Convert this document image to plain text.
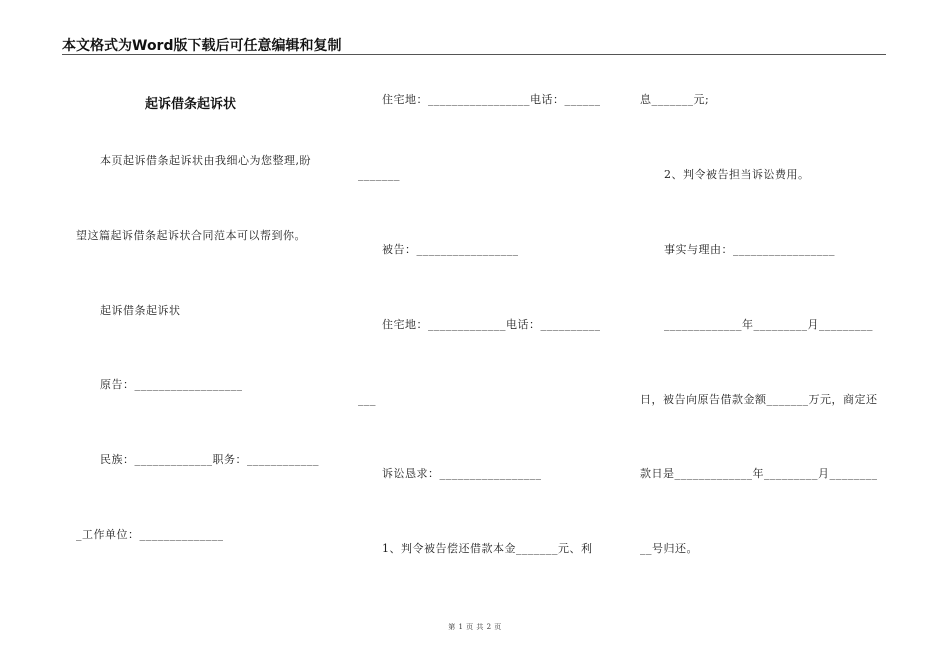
本文格式为Word版下载后可任意编辑和复制
起诉借条起诉状
本页起诉借条起诉状由我细心为您整理,盼
望这篇起诉借条起诉状合同范本可以帮到你。
起诉借条起诉状
原告：__________________
民族：_____________职务：____________
_工作单位：______________
住宅地：_________________电话：______
_______
被告：_________________
住宅地：_____________电话：__________
___
诉讼恳求：_________________
1、判令被告偿还借款本金_______元、利
息_______元;
2、判令被告担当诉讼费用。
事实与理由：_________________
_____________年_________月_________
日，被告向原告借款金额_______万元，商定还
款日是_____________年_________月________
__号归还。
第 1 页 共 2 页
